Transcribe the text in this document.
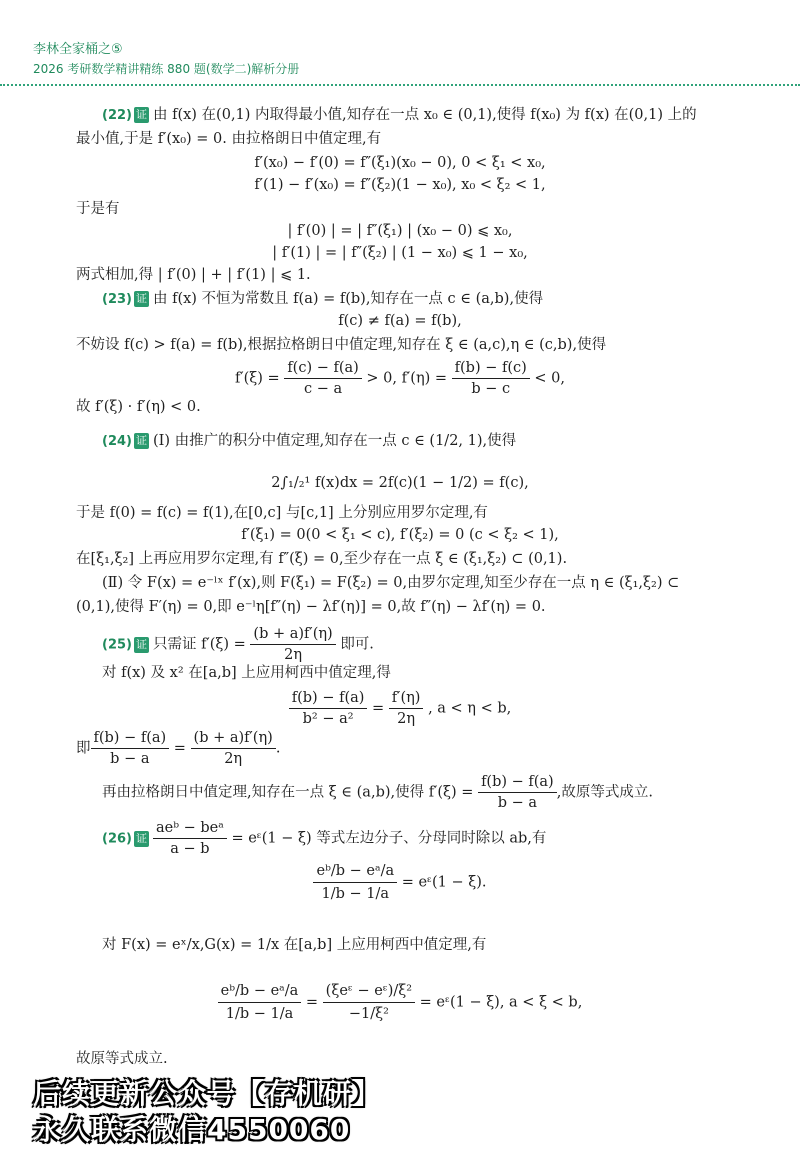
李林全家桶之⑤
2026 考研数学精讲精练 880 题(数学二)解析分册
(22) 证 由 f(x) 在(0,1) 内取得最小值,知存在一点 x₀ ∈ (0,1),使得 f(x₀) 为 f(x) 在(0,1) 上的
最小值,于是 f′(x₀) = 0. 由拉格朗日中值定理,有
f′(x₀) − f′(0) = f″(ξ₁)(x₀ − 0), 0 < ξ₁ < x₀,
f′(1) − f′(x₀) = f″(ξ₂)(1 − x₀), x₀ < ξ₂ < 1,
于是有
| f′(0) | = | f″(ξ₁) | (x₀ − 0) ⩽ x₀,
| f′(1) | = | f″(ξ₂) | (1 − x₀) ⩽ 1 − x₀,
两式相加,得 | f′(0) | + | f′(1) | ⩽ 1.
(23) 证 由 f(x) 不恒为常数且 f(a) = f(b),知存在一点 c ∈ (a,b),使得
f(c) ≠ f(a) = f(b),
不妨设 f(c) > f(a) = f(b),根据拉格朗日中值定理,知存在 ξ ∈ (a,c),η ∈ (c,b),使得
$f'(\xi) = \frac{f(c) - f(a)}{c - a} > 0$, $f'(\eta) = \frac{f(b) - f(c)}{b - c} < 0$,
故 f′(ξ) · f′(η) < 0.
(24) 证 (Ⅰ) 由推广的积分中值定理,知存在一点 c ∈ (1/2, 1),使得
2∫₁/₂¹ f(x)dx = 2f(c)(1 − 1/2) = f(c),
于是 f(0) = f(c) = f(1),在[0,c] 与[c,1] 上分别应用罗尔定理,有
f′(ξ₁) = 0(0 < ξ₁ < c), f′(ξ₂) = 0 (c < ξ₂ < 1),
在[ξ₁,ξ₂] 上再应用罗尔定理,有 f″(ξ) = 0,至少存在一点 ξ ∈ (ξ₁,ξ₂) ⊂ (0,1).
(Ⅱ) 令 F(x) = e⁻ˡˣ f′(x),则 F(ξ₁) = F(ξ₂) = 0,由罗尔定理,知至少存在一点 η ∈ (ξ₁,ξ₂) ⊂
(0,1),使得 F′(η) = 0,即 e⁻ˡη[f″(η) − λf′(η)] = 0,故 f″(η) − λf′(η) = 0.
(25) 证 只需证 $f'(\xi) = \frac{(b + a)f'(\eta)}{2\eta}$ 即可.
对 f(x) 及 x² 在[a,b] 上应用柯西中值定理,得
$\frac{f(b) - f(a)}{\text{b² − a²}} = \frac{f'(\eta)}{2\eta}$ , a < η < b,
即 $\frac{f(b) - f(a)}{b - a} = \frac{(b + a)f'(\eta)}{2\eta}$ .
再由拉格朗日中值定理,知存在一点 ξ ∈ (a,b),使得 $f'(\xi) = \frac{f(b) - f(a)}{b - a}$ ,故原等式成立.
(26) 证 $\frac{\text{aeᵇ − beᵃ}}{a - b}$ = eᵋ(1 − ξ) 等式左边分子、分母同时除以 ab,有
$\frac{\text{eᵇ/b − eᵃ/a}}{1/b - 1/a}$ = eᵋ(1 − ξ).
对 F(x) = eˣ/x,G(x) = 1/x 在[a,b] 上应用柯西中值定理,有
$\frac{\text{eᵇ/b − eᵃ/a}}{1/b - 1/a} = \frac{\text{(ξeᵋ − eᵋ)/ξ²}}{\text{−1/ξ²}}$ = eᵋ(1 − ξ), a < ξ < b,
故原等式成立.
后续更新公众号【存机研】
永久联系微信4550060
